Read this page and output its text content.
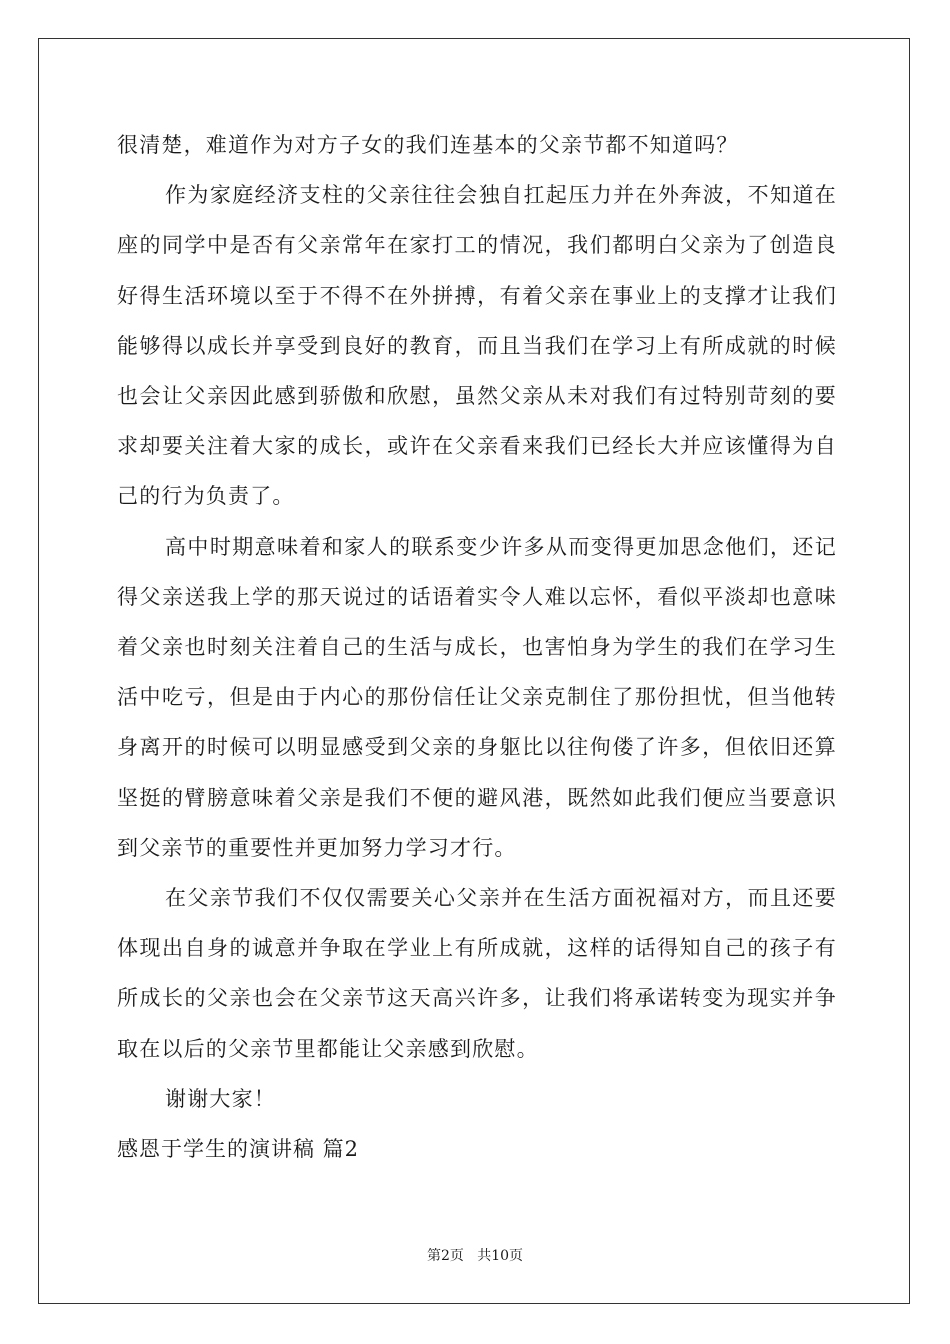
很清楚，难道作为对方子女的我们连基本的父亲节都不知道吗？

作为家庭经济支柱的父亲往往会独自扛起压力并在外奔波，不知道在座的同学中是否有父亲常年在家打工的情况，我们都明白父亲为了创造良好得生活环境以至于不得不在外拼搏，有着父亲在事业上的支撑才让我们能够得以成长并享受到良好的教育，而且当我们在学习上有所成就的时候也会让父亲因此感到骄傲和欣慰，虽然父亲从未对我们有过特别苛刻的要求却要关注着大家的成长，或许在父亲看来我们已经长大并应该懂得为自己的行为负责了。

高中时期意味着和家人的联系变少许多从而变得更加思念他们，还记得父亲送我上学的那天说过的话语着实令人难以忘怀，看似平淡却也意味着父亲也时刻关注着自己的生活与成长，也害怕身为学生的我们在学习生活中吃亏，但是由于内心的那份信任让父亲克制住了那份担忧，但当他转身离开的时候可以明显感受到父亲的身躯比以往佝偻了许多，但依旧还算坚挺的臂膀意味着父亲是我们不便的避风港，既然如此我们便应当要意识到父亲节的重要性并更加努力学习才行。

在父亲节我们不仅仅需要关心父亲并在生活方面祝福对方，而且还要体现出自身的诚意并争取在学业上有所成就，这样的话得知自己的孩子有所成长的父亲也会在父亲节这天高兴许多，让我们将承诺转变为现实并争取在以后的父亲节里都能让父亲感到欣慰。

谢谢大家！

感恩于学生的演讲稿 篇2

第2页   共10页
